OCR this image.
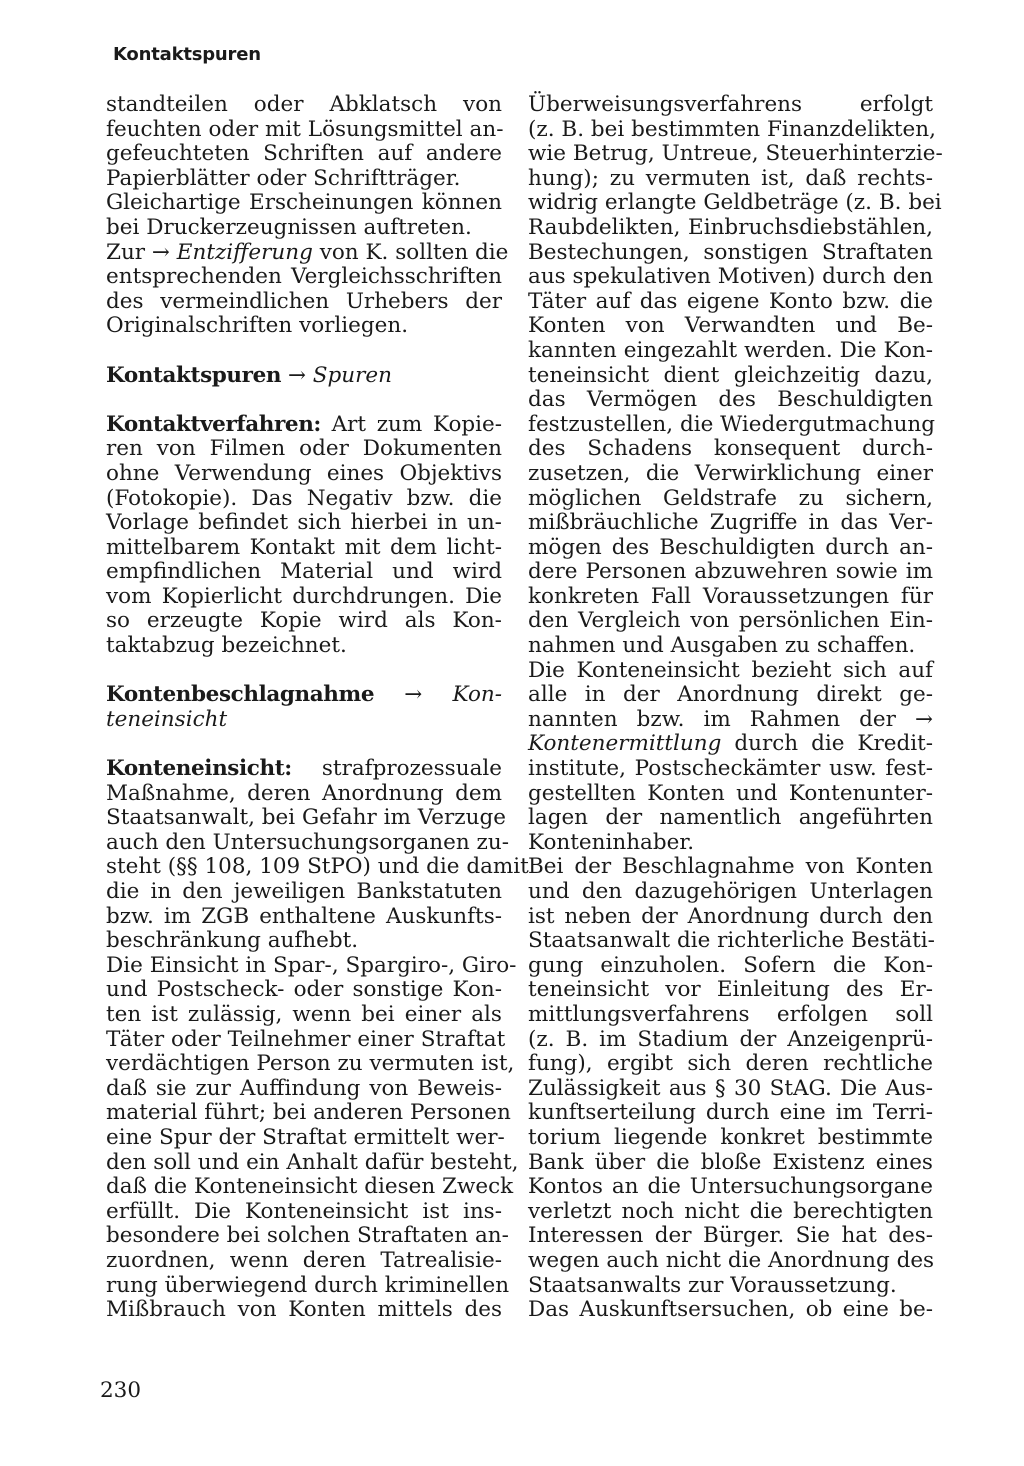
Kontaktspuren
standteilen oder Abklatsch von
feuchten oder mit Lösungsmittel an-
gefeuchteten Schriften auf andere
Papierblätter oder Schriftträger.
Gleichartige Erscheinungen können
bei Druckerzeugnissen auftreten.
Zur → Entzifferung von K. sollten die
entsprechenden Vergleichsschriften
des vermeindlichen Urhebers der
Originalschriften vorliegen.
Kontaktspuren → Spuren
Kontaktverfahren: Art zum Kopie-
ren von Filmen oder Dokumenten
ohne Verwendung eines Objektivs
(Fotokopie). Das Negativ bzw. die
Vorlage befindet sich hierbei in un-
mittelbarem Kontakt mit dem licht-
empfindlichen Material und wird
vom Kopierlicht durchdrungen. Die
so erzeugte Kopie wird als Kon-
taktabzug bezeichnet.
Kontenbeschlagnahme → Kon-
teneinsicht
Konteneinsicht: strafprozessuale
Maßnahme, deren Anordnung dem
Staatsanwalt, bei Gefahr im Verzuge
auch den Untersuchungsorganen zu-
steht (§§ 108, 109 StPO) und die damit
die in den jeweiligen Bankstatuten
bzw. im ZGB enthaltene Auskunfts-
beschränkung aufhebt.
Die Einsicht in Spar-, Spargiro-, Giro-
und Postscheck- oder sonstige Kon-
ten ist zulässig, wenn bei einer als
Täter oder Teilnehmer einer Straftat
verdächtigen Person zu vermuten ist,
daß sie zur Auffindung von Beweis-
material führt; bei anderen Personen
eine Spur der Straftat ermittelt wer-
den soll und ein Anhalt dafür besteht,
daß die Konteneinsicht diesen Zweck
erfüllt. Die Konteneinsicht ist ins-
besondere bei solchen Straftaten an-
zuordnen, wenn deren Tatrealisie-
rung überwiegend durch kriminellen
Mißbrauch von Konten mittels des
Überweisungsverfahrens	erfolgt
(z. B. bei bestimmten Finanzdelikten,
wie Betrug, Untreue, Steuerhinterzie-
hung); zu vermuten ist, daß rechts-
widrig erlangte Geldbeträge (z. B. bei
Raubdelikten, Einbruchsdiebstählen,
Bestechungen, sonstigen Straftaten
aus spekulativen Motiven) durch den
Täter auf das eigene Konto bzw. die
Konten von Verwandten und Be-
kannten eingezahlt werden. Die Kon-
teneinsicht dient gleichzeitig dazu,
das Vermögen des Beschuldigten
festzustellen, die Wiedergutmachung
des Schadens konsequent durch-
zusetzen, die Verwirklichung einer
möglichen Geldstrafe zu sichern,
mißbräuchliche Zugriffe in das Ver-
mögen des Beschuldigten durch an-
dere Personen abzuwehren sowie im
konkreten Fall Voraussetzungen für
den Vergleich von persönlichen Ein-
nahmen und Ausgaben zu schaffen.
Die Konteneinsicht bezieht sich auf
alle in der Anordnung direkt ge-
nannten bzw. im Rahmen der →
Kontenermittlung durch die Kredit-
institute, Postscheckämter usw. fest-
gestellten Konten und Kontenunter-
lagen der namentlich angeführten
Konteninhaber.
Bei der Beschlagnahme von Konten
und den dazugehörigen Unterlagen
ist neben der Anordnung durch den
Staatsanwalt die richterliche Bestäti-
gung einzuholen. Sofern die Kon-
teneinsicht vor Einleitung des Er-
mittlungsverfahrens erfolgen soll
(z. B. im Stadium der Anzeigenprü-
fung), ergibt sich deren rechtliche
Zulässigkeit aus § 30 StAG. Die Aus-
kunftserteilung durch eine im Terri-
torium liegende konkret bestimmte
Bank über die bloße Existenz eines
Kontos an die Untersuchungsorgane
verletzt noch nicht die berechtigten
Interessen der Bürger. Sie hat des-
wegen auch nicht die Anordnung des
Staatsanwalts zur Voraussetzung.
Das Auskunftsersuchen, ob eine be-
230
